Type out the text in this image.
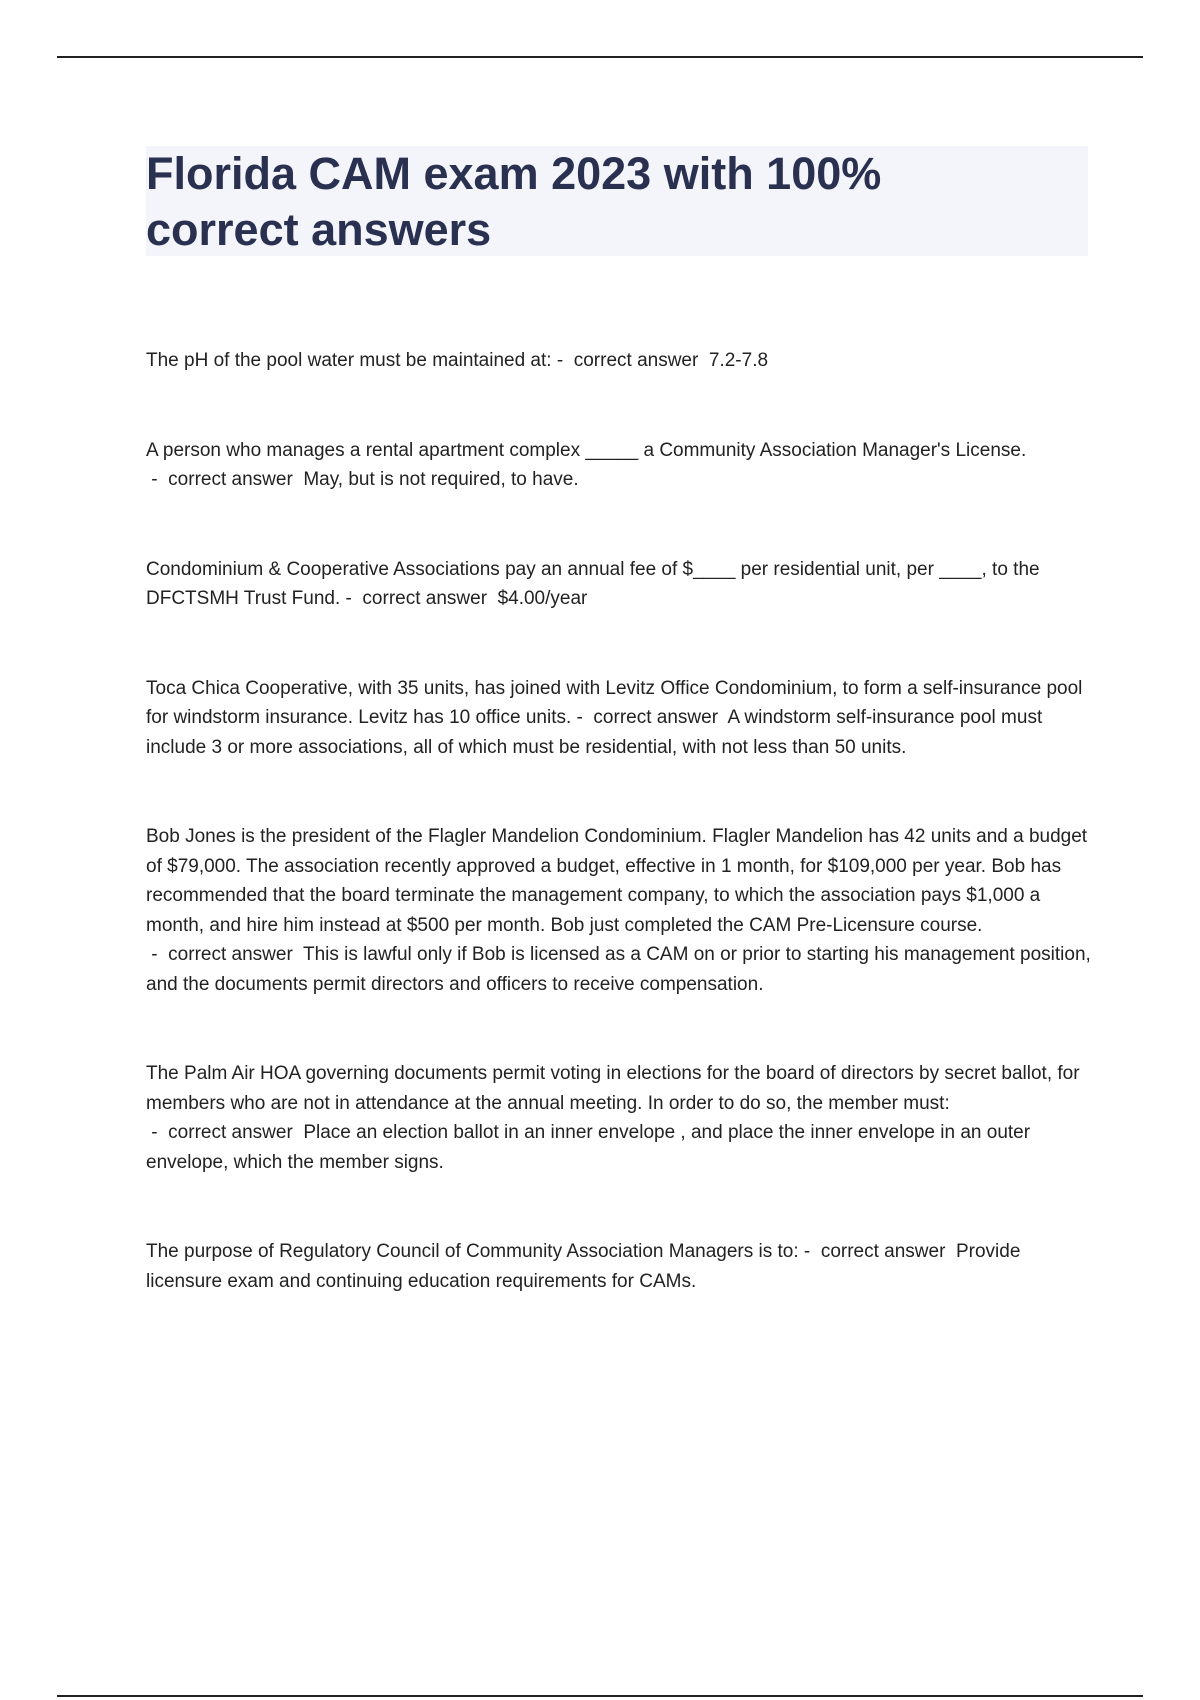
Florida CAM exam 2023 with 100% correct answers

The pH of the pool water must be maintained at: -  correct answer  7.2-7.8

A person who manages a rental apartment complex _____ a Community Association Manager's License. -  correct answer  May, but is not required, to have.

Condominium & Cooperative Associations pay an annual fee of $____ per residential unit, per ____, to the DFCTSMH Trust Fund. -  correct answer  $4.00/year

Toca Chica Cooperative, with 35 units, has joined with Levitz Office Condominium, to form a self-insurance pool for windstorm insurance. Levitz has 10 office units. -  correct answer  A windstorm self-insurance pool must include 3 or more associations, all of which must be residential, with not less than 50 units.

Bob Jones is the president of the Flagler Mandelion Condominium. Flagler Mandelion has 42 units and a budget of $79,000. The association recently approved a budget, effective in 1 month, for $109,000 per year. Bob has recommended that the board terminate the management company, to which the association pays $1,000 a month, and hire him instead at $500 per month. Bob just completed the CAM Pre-Licensure course. -  correct answer  This is lawful only if Bob is licensed as a CAM on or prior to starting his management position, and the documents permit directors and officers to receive compensation.

The Palm Air HOA governing documents permit voting in elections for the board of directors by secret ballot, for members who are not in attendance at the annual meeting. In order to do so, the member must: -  correct answer  Place an election ballot in an inner envelope , and place the inner envelope in an outer envelope, which the member signs.

The purpose of Regulatory Council of Community Association Managers is to: -  correct answer  Provide licensure exam and continuing education requirements for CAMs.
